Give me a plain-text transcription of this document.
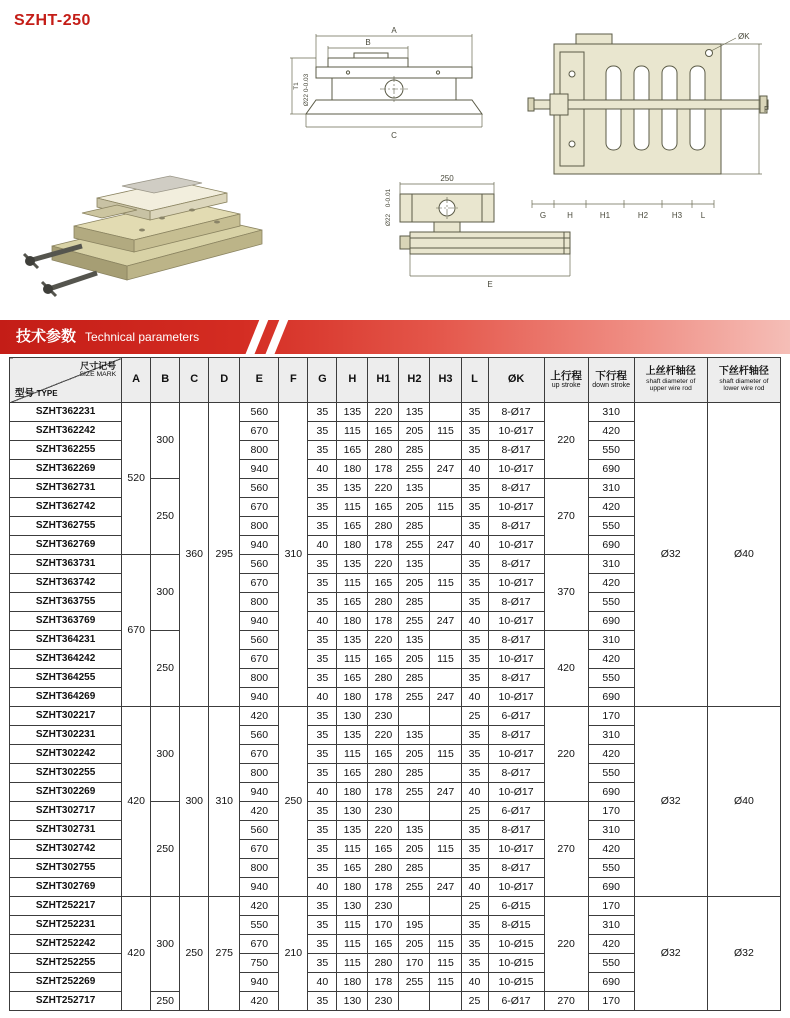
SZHT-250
A
B
T1 Ø22 0-0.03
C
ØK
F
G	H	H1	H2	H3 L
250
0-0.01
Ø22
E
技术参数 Technical parameters
尺寸记号
SIZE MARK
型号 TYPE
	A	B	C	D	E	F	G	H	H1	H2	H3	L	ØK	上行程
up stroke

下行程
down stroke

上丝杆轴径
shaft diameter of
upper wire rod

下丝杆轴径
shaft diameter of
lower wire rod

SZHT362231	520	300	360	295	560	310	35	135	220	135		35	8-Ø17	220	310	Ø32	Ø40
SZHT362242					670		35	115	165	205	115	35	10-Ø17		420		
SZHT362255					800		35	165	280	285		35	8-Ø17		550		
SZHT362269					940		40	180	178	255	247	40	10-Ø17		690		
SZHT362731		250			560		35	135	220	135		35	8-Ø17	270	310		
SZHT362742					670		35	115	165	205	115	35	10-Ø17		420		
SZHT362755					800		35	165	280	285		35	8-Ø17		550		
SZHT362769					940		40	180	178	255	247	40	10-Ø17		690		
SZHT363731	670	300			560		35	135	220	135		35	8-Ø17	370	310		
SZHT363742					670		35	115	165	205	115	35	10-Ø17		420		
SZHT363755					800		35	165	280	285		35	8-Ø17		550		
SZHT363769					940		40	180	178	255	247	40	10-Ø17		690		
SZHT364231		250			560		35	135	220	135		35	8-Ø17	420	310		
SZHT364242					670		35	115	165	205	115	35	10-Ø17		420		
SZHT364255					800		35	165	280	285		35	8-Ø17		550		
SZHT364269					940		40	180	178	255	247	40	10-Ø17		690		
SZHT302217	420	300	300	310	420	250	35	130	230			25	6-Ø17	220	170	Ø32	Ø40
SZHT302231					560		35	135	220	135		35	8-Ø17		310		
SZHT302242					670		35	115	165	205	115	35	10-Ø17		420		
SZHT302255					800		35	165	280	285		35	8-Ø17		550		
SZHT302269					940		40	180	178	255	247	40	10-Ø17		690		
SZHT302717		250			420		35	130	230			25	6-Ø17	270	170		
SZHT302731					560		35	135	220	135		35	8-Ø17		310		
SZHT302742					670		35	115	165	205	115	35	10-Ø17		420		
SZHT302755					800		35	165	280	285		35	8-Ø17		550		
SZHT302769					940		40	180	178	255	247	40	10-Ø17		690		
SZHT252217	420	300	250	275	420	210	35	130	230			25	6-Ø15	220	170	Ø32	Ø32
SZHT252231					550		35	115	170	195		35	8-Ø15		310		
SZHT252242					670		35	115	165	205	115	35	10-Ø15		420		
SZHT252255					750		35	115	280	170	115	35	10-Ø15		550		
SZHT252269					940		40	180	178	255	115	40	10-Ø15		690		
SZHT252717		250			420		35	130	230			25	6-Ø17	270	170		
